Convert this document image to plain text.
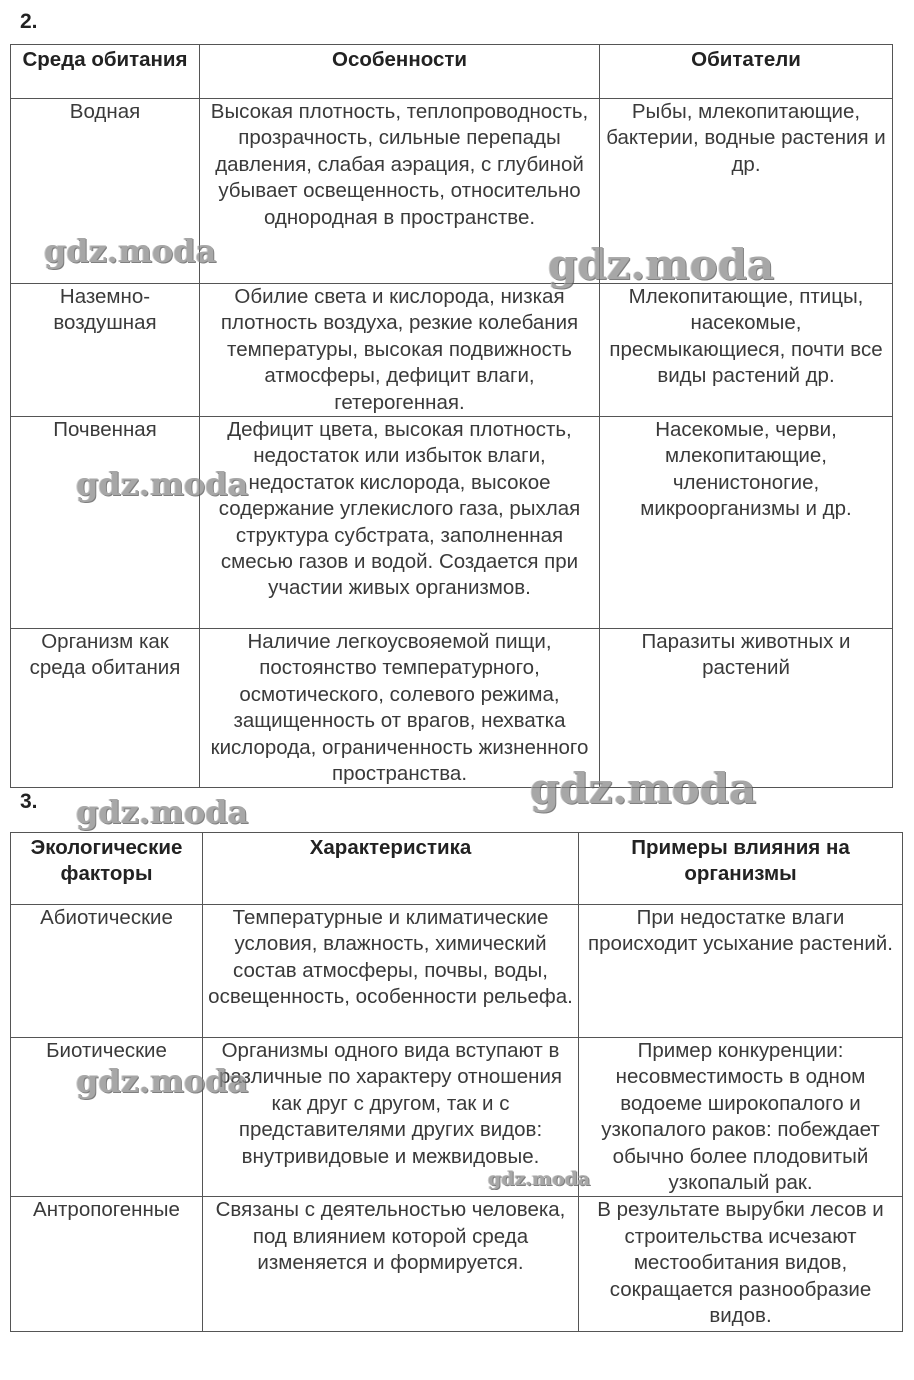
2.
Среда обитания	Особенности	Обитатели
Водная	Высокая плотность, теплопроводность, прозрачность, сильные перепады давления, слабая аэрация, с глубиной убывает освещенность, относительно однородная в пространстве.	Рыбы, млекопитающие, бактерии, водные растения и др.
Наземно-воздушная	Обилие света и кислорода, низкая плотность воздуха, резкие колебания температуры, высокая подвижность атмосферы, дефицит влаги, гетерогенная.	Млекопитающие, птицы, насекомые, пресмыкающиеся, почти все виды растений др.
Почвенная	Дефицит цвета, высокая плотность, недостаток или избыток влаги, недостаток кислорода, высокое содержание углекислого газа, рыхлая структура субстрата, заполненная смесью газов и водой. Создается при участии живых организмов.	Насекомые, черви, млекопитающие, членистоногие, микроорганизмы и др.
Организм как среда обитания	Наличие легкоусвояемой пищи, постоянство температурного, осмотического, солевого режима, защищенность от врагов, нехватка кислорода, ограниченность жизненного пространства.	Паразиты животных и растений
3.
Экологические факторы	Характеристика	Примеры влияния на организмы
Абиотические	Температурные и климатические условия, влажность, химический состав атмосферы, почвы, воды, освещенность, особенности рельефа.	При недостатке влаги происходит усыхание растений.
Биотические	Организмы одного вида вступают в различные по характеру отношения как друг с другом, так и с представителями других видов: внутривидовые и межвидовые.	Пример конкуренции: несовместимость в одном водоеме широкопалого и узкопалого раков: побеждает обычно более плодовитый узкопалый рак.
Антропогенные	Связаны с деятельностью человека, под влиянием которой среда изменяется и формируется.	В результате вырубки лесов и строительства исчезают местообитания видов, сокращается разнообразие видов.
gdz.moda	gdz.moda
gdz.moda
gdz.moda
gdz.moda
gdz.moda
gdz.moda
